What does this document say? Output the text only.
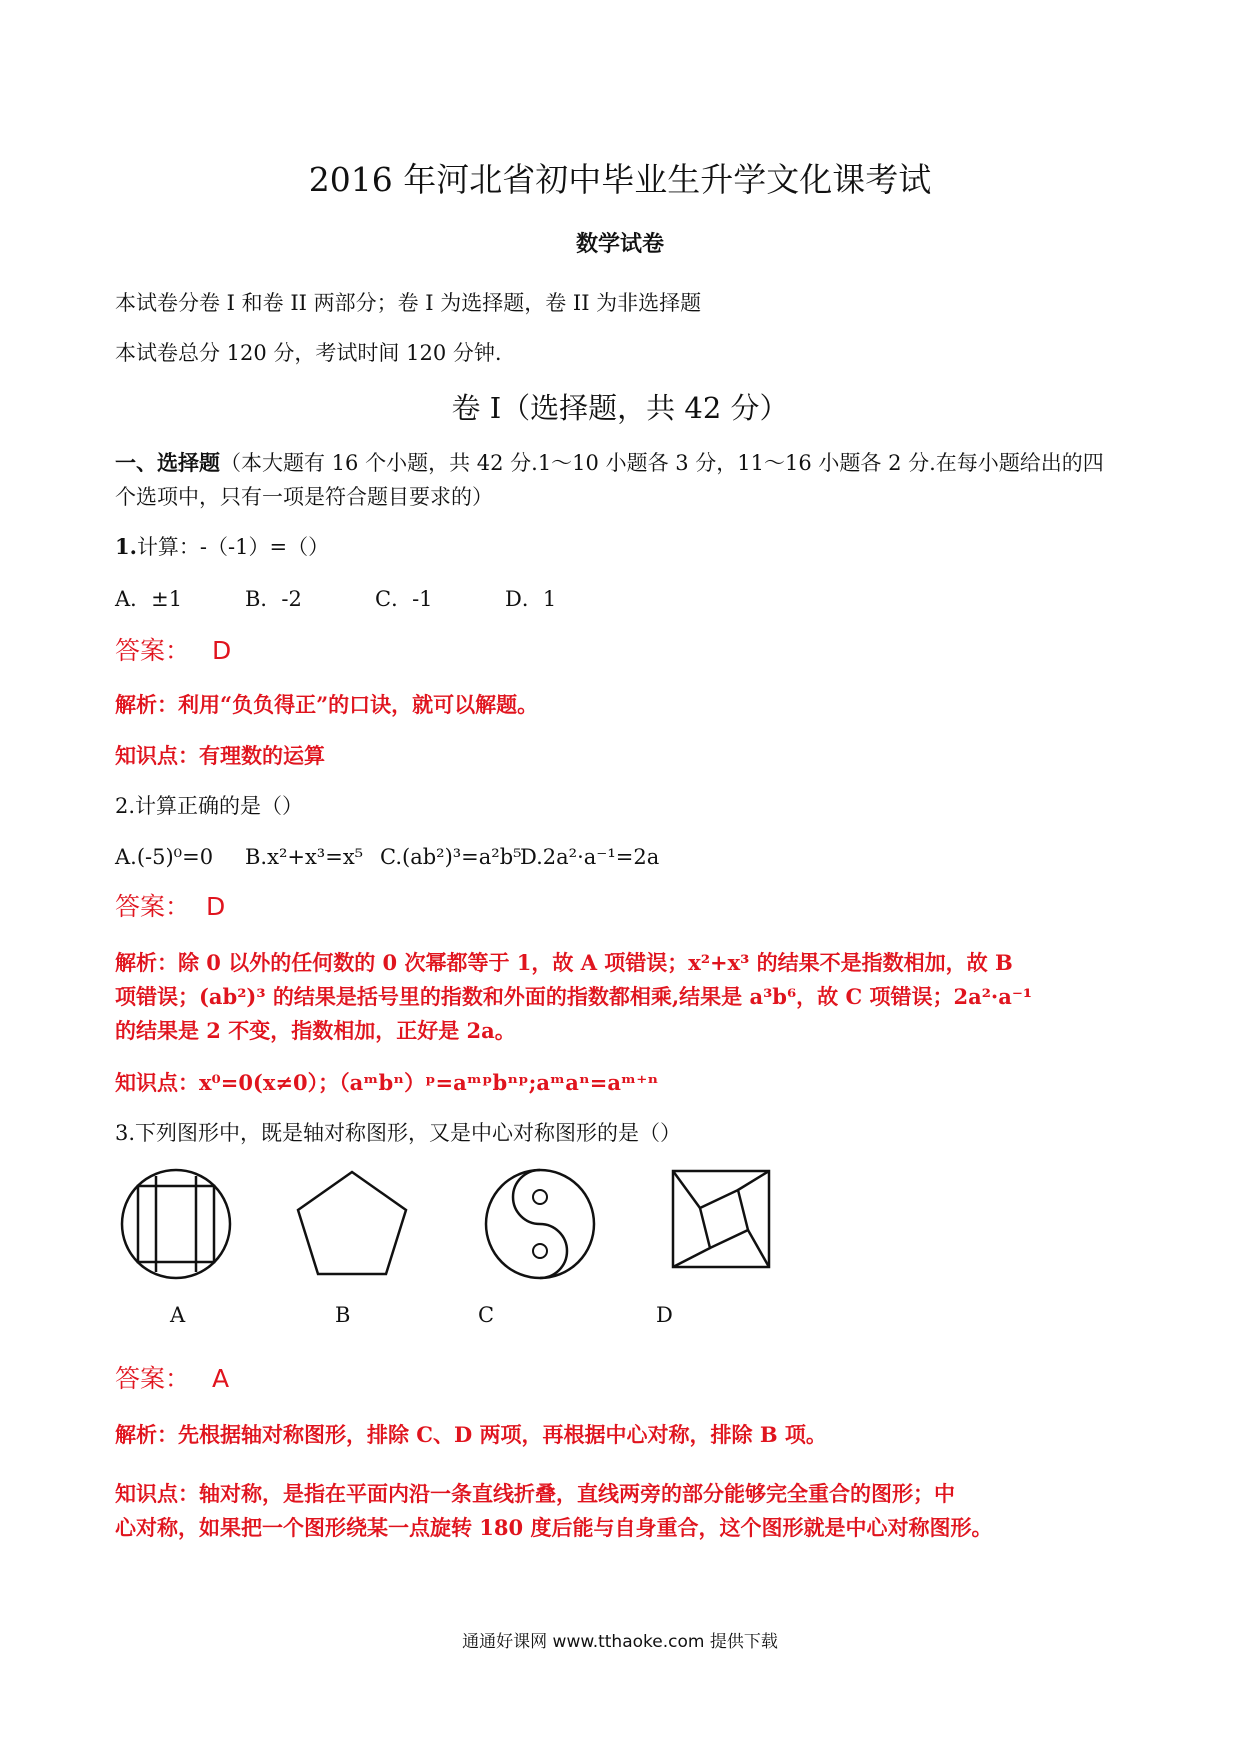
2016 年河北省初中毕业生升学文化课考试
数学试卷
本试卷分卷 I 和卷 II 两部分；卷 I 为选择题，卷 II 为非选择题
本试卷总分 120 分，考试时间 120 分钟.
卷 I（选择题，共 42 分）
一、选择题（本大题有 16 个小题，共 42 分.1～10 小题各 3 分，11～16 小题各 2 分.在每小题给出的四
个选项中，只有一项是符合题目要求的）
1.计算：-（-1）=（）
A．±1	B．-2	C．-1	D．1
答案： D
解析：利用“负负得正”的口诀，就可以解题。
知识点：有理数的运算
2.计算正确的是（）
A.(-5)⁰=0 B.x²+x³=x⁵ C.(ab²)³=a²b⁵D.2a²·a⁻¹=2a
答案： D
解析：除 0 以外的任何数的 0 次幂都等于 1，故 A 项错误；x²+x³ 的结果不是指数相加，故 B
项错误；(ab²)³ 的结果是括号里的指数和外面的指数都相乘,结果是 a³b⁶，故 C 项错误；2a²·a⁻¹
的结果是 2 不变，指数相加，正好是 2a。
知识点：x⁰=0(x≠0）；（aᵐbⁿ）ᵖ=aᵐᵖbⁿᵖ;aᵐaⁿ=aᵐ⁺ⁿ
3.下列图形中，既是轴对称图形，又是中心对称图形的是（）
A	B	C	D
答案： A
解析：先根据轴对称图形，排除 C、D 两项，再根据中心对称，排除 B 项。
知识点：轴对称，是指在平面内沿一条直线折叠，直线两旁的部分能够完全重合的图形；中
心对称，如果把一个图形绕某一点旋转 180 度后能与自身重合，这个图形就是中心对称图形。
通通好课网 www.tthaoke.com 提供下载
